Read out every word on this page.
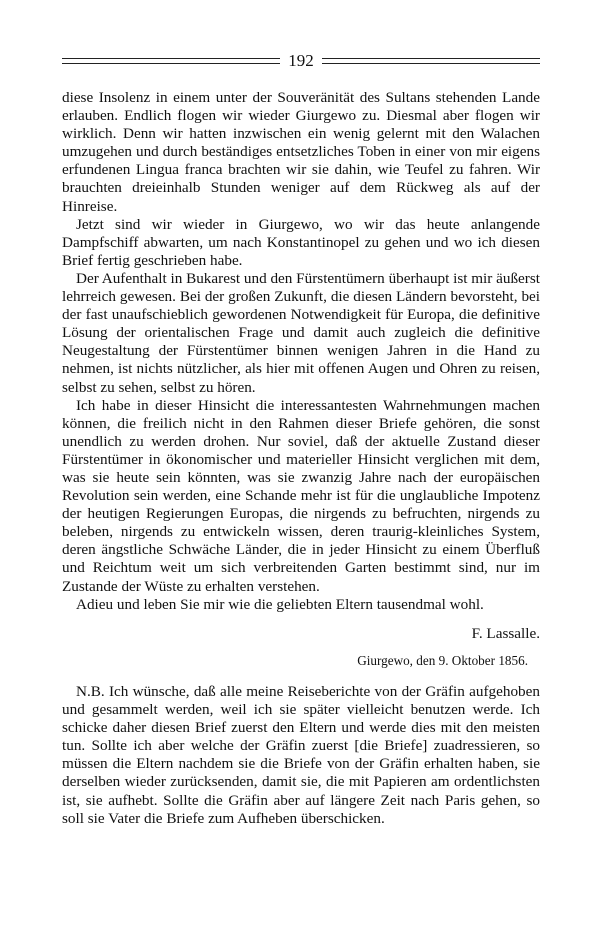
192

diese Insolenz in einem unter der Souveränität des Sultans stehenden Lande erlauben. Endlich flogen wir wieder Giurgewo zu. Diesmal aber flogen wir wirklich. Denn wir hatten inzwischen ein wenig gelernt mit den Walachen umzugehen und durch beständiges entsetzliches Toben in einer von mir eigens erfundenen Lingua franca brachten wir sie dahin, wie Teufel zu fahren. Wir brauchten dreieinhalb Stunden weniger auf dem Rückweg als auf der Hinreise.

Jetzt sind wir wieder in Giurgewo, wo wir das heute anlangende Dampfschiff abwarten, um nach Konstantinopel zu gehen und wo ich diesen Brief fertig geschrieben habe.

Der Aufenthalt in Bukarest und den Fürstentümern überhaupt ist mir äußerst lehrreich gewesen. Bei der großen Zukunft, die diesen Ländern bevorsteht, bei der fast unaufschieblich gewordenen Notwendigkeit für Europa, die definitive Lösung der orientalischen Frage und damit auch zugleich die definitive Neugestaltung der Fürstentümer binnen wenigen Jahren in die Hand zu nehmen, ist nichts nützlicher, als hier mit offenen Augen und Ohren zu reisen, selbst zu sehen, selbst zu hören.

Ich habe in dieser Hinsicht die interessantesten Wahrnehmungen machen können, die freilich nicht in den Rahmen dieser Briefe gehören, die sonst unendlich zu werden drohen. Nur soviel, daß der aktuelle Zustand dieser Fürstentümer in ökonomischer und materieller Hinsicht verglichen mit dem, was sie heute sein könnten, was sie zwanzig Jahre nach der europäischen Revolution sein werden, eine Schande mehr ist für die unglaubliche Impotenz der heutigen Regierungen Europas, die nirgends zu befruchten, nirgends zu beleben, nirgends zu entwickeln wissen, deren traurig-kleinliches System, deren ängstliche Schwäche Länder, die in jeder Hinsicht zu einem Überfluß und Reichtum weit um sich verbreitenden Garten bestimmt sind, nur im Zustande der Wüste zu erhalten verstehen.

Adieu und leben Sie mir wie die geliebten Eltern tausendmal wohl.

F. Lassalle.
Giurgewo, den 9. Oktober 1856.

N.B. Ich wünsche, daß alle meine Reiseberichte von der Gräfin aufgehoben und gesammelt werden, weil ich sie später vielleicht benutzen werde. Ich schicke daher diesen Brief zuerst den Eltern und werde dies mit den meisten tun. Sollte ich aber welche der Gräfin zuerst [die Briefe] zuadressieren, so müssen die Eltern nachdem sie die Briefe von der Gräfin erhalten haben, sie derselben wieder zurücksenden, damit sie, die mit Papieren am ordentlichsten ist, sie aufhebt. Sollte die Gräfin aber auf längere Zeit nach Paris gehen, so soll sie Vater die Briefe zum Aufheben überschicken.
